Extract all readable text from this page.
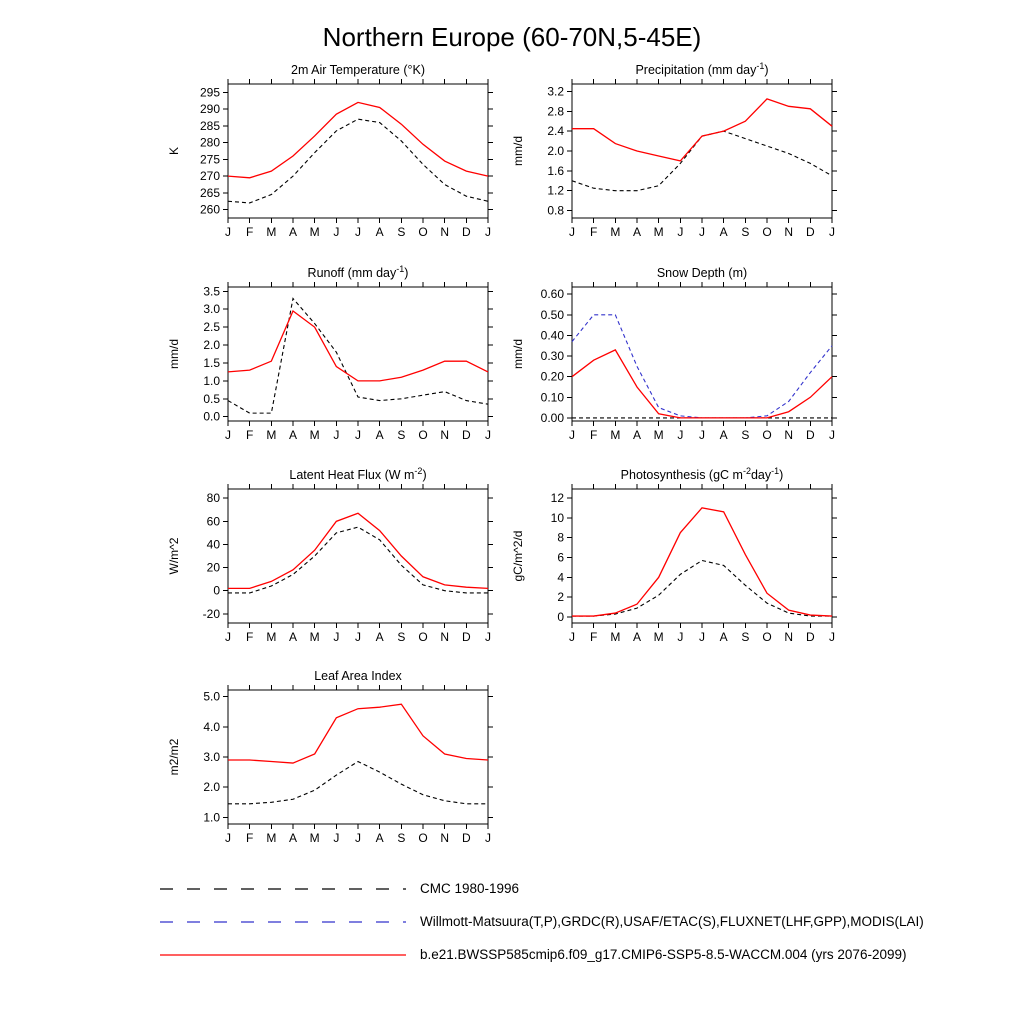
Northern Europe (60-70N,5-45E)
2m Air Temperature (°K)
K
J F M A M J J A S O N D J
260
265
270
275
280
285
290
295
Precipitation (mm day$^{-1}$)
mm/d
J F M A M J J A S O N D J
0.8
1.2
1.6
2.0
2.4
2.8
3.2
Runoff (mm day$^{-1}$)
mm/d
J F M A M J J A S O N D J
0.0
0.5
1.0
1.5
2.0
2.5
3.0
3.5
Snow Depth (m)
mm/d
J F M A M J J A S O N D J
0.00
0.10
0.20
0.30
0.40
0.50
0.60
Latent Heat Flux (W $m^{-2}$)
W/m^2
J F M A M J J A S O N D J
-20
0
20
40
60
80
Photosynthesis (gC $m^{-2}day^{-1}$)
gC/m^2/d
J F M A M J J A S O N D J
0
2
4
6
8
10
12
Leaf Area Index
m2/m2
J F M A M J J A S O N D J
1.0
2.0
3.0
4.0
5.0
CMC 1980-1996
Willmott-Matsuura(T,P),GRDC(R),USAF/ETAC(S),FLUXNET(LHF,GPP),MODIS(LAI)
b.e21.BWSSP585cmip6.f09_g17.CMIP6-SSP5-8.5-WACCM.004 (yrs 2076-2099)
